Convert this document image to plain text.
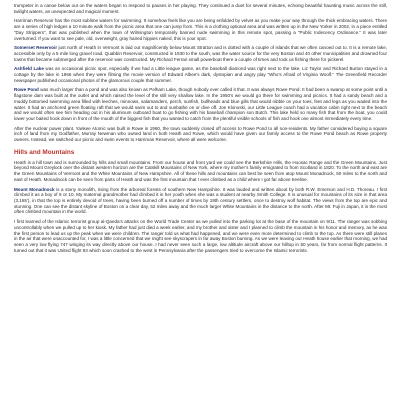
trumpeter in a canoe below out on the waters began to respond to pauses in her playing. They continued a duet for several minutes, echoing beautiful haunting music across the still, twilight waters, an unexpected and magical moment.

Harriman Reservoir has the most sublime waters for swimming. It somehow feels like you are being enfolded by velvet as you make your way through the thick embracing waters. There are a series of high ledges a 10 minute walk from the picnic area that one can jump from. This is a clothing optional area and was written up in the New Yorker in 2002, in a piece entitled “Day Strippers”, that was published when the town of Wilmington temporarily banned nude swimming in this remote spot, passing a “Public Indecency Ordinance.” It was later overturned. If you want to see pale, old, overweight, gray haired hippies naked, this is your spot.

Somerset Reservoir just north of Heath in Vermont is laid out magnificently below Mount Stratton and is dotted with a couple of islands that we often canoed out to. It is a remote lake, accessible only by a 5 mile long gravel road. Quabbin Reservoir, constructed in 1930 to the south, was the water source for the very Boston and 40 other municipalities and drowned four towns that became submerged after the reservoir was constructed. My Richard Ferrari small powerboat there a couple of times and took us fishing there for pickerel.

Ashfield Lake was an occasional picnic spot, especially if we had a Little league game, as the baseball diamond was right next to the lake. Liz Taylor and Richard Burton stayed in a cottage by the lake in 1966 when they were filming the movie version of Edward Albee’s dark, dystopian and angry play “Who’s Afraid of Virginia Woolf.” The Greenfield Recorder newspaper published occasional photos of the glamorous couple that summer.

Rowe Pond was much larger than a pond and was also known as Pelham Lake, though nobody ever called it that. It was always Rowe Pond. It had been a swamp at some point until a flagstone dam was built at the outlet and which raised the level of the still very shallow lake. In the 1950’s we would go there for swimming and picnics. It had a sandy beach and a muddy bottomed swimming area filled with leeches, minnows, salamanders, perch, sunfish, bullheads and blue gills that would nibble on your toes, feet and legs as you waded into the water. It had an anchored green floating raft that we would swim out to and sunbathe on or dive off. Joe Klonoski, our Little League coach had a vacation cabin right next to the beach and we would often see him heading out in his aluminum outboard boat to go fishing with his baseball champion son Butch. This lake held so many fish that from the boat, you could lower your baited hook down in front of the mouth of the biggest fish that you wanted to catch from the plentiful visible schools of fish and hook one almost immediately every time.

After the nuclear power plant, Yankee Atomic was built in Rowe in 1960, the town suddenly closed off access to Rowe Pond to all non-residents. My father considered buying a square inch of land from my Godfather, Murray Newman who owned land in both Heath and Rowe, which would have given our family access to the Rowe Pond beach as Rowe property owners. Instead, we switched our picnic and swim events to Harriman Reservoir, where all were welcome.

Hills and Mountains

Heath is a hill town and is surrounded by hills and small mountains. From our house and front yard we could see the Berkshire Hills, the Hoosac Range and the Green Mountains. Just beyond Mount Greylock over the distant western horizon are the Catskill Mountains of New York, where my mother’s family emigrated to from Scotland in 1820. To the north and east are the Green Mountains of Vermont and the White Mountains of New Hampshire. All of these hills and mountains can best be seen from atop Mount Monadnock, 50 miles to the north and east of Heath. Monadnock can be seen from parts of Heath and was the first mountain that I ever climbed as a child where I got far above treeline.

Mount Monadnock is a stony monolith, rising from the arboreal forests of southern New Hampshire. It was lauded and written about by both R.W. Emerson and H.D. Thoreau. I first climbed it as a boy of 9 or 10. My maternal grandmother had climbed it in her youth when she was a student at nearby Smith College. It is unusual for mountains of its size in that area (3,165’), in that the top is entirely devoid of trees, having been burned off a number of times by 19th century settlers, once to destroy wolf habitat. The views from the top are epic and stunning. One can see the distant skyline of Boston on a clear day, 62 miles away and the much larger White Mountains in the distance to the north. After Mt. Fuji in Japan, it is the most often climbed mountain in the world.

I first learned of the Islamic terrorist group al-Qaeda’s attacks on the World Trade Center as we pulled into the parking lot at the base of the mountain on 9/11. The ranger was sobbing uncontrollably when we pulled up to her kiosk. My father had just died a week earlier, and my brother and sister and I planned to climb the mountain in his honor and memory, as he was the first person to lead us up the peak when we were children. The ranger told us what had happened, and we were even more determined to climb to the top. As there were still planes in the air that were unaccounted for, I was a little concerned that we might see skyscrapers in far away Boston burning. As we were leaving our Heath house earlier that morning, we had seen a very low flying 747 winging its way directly above our house. I had never seen such a large, low altitude aircraft above our hilltop in 50 years, far from normal flight patterns. It turned out that it was United flight 93 which soon crashed to the west in Pennsylvania after the passengers tried to overcome the Islamic terrorists.
